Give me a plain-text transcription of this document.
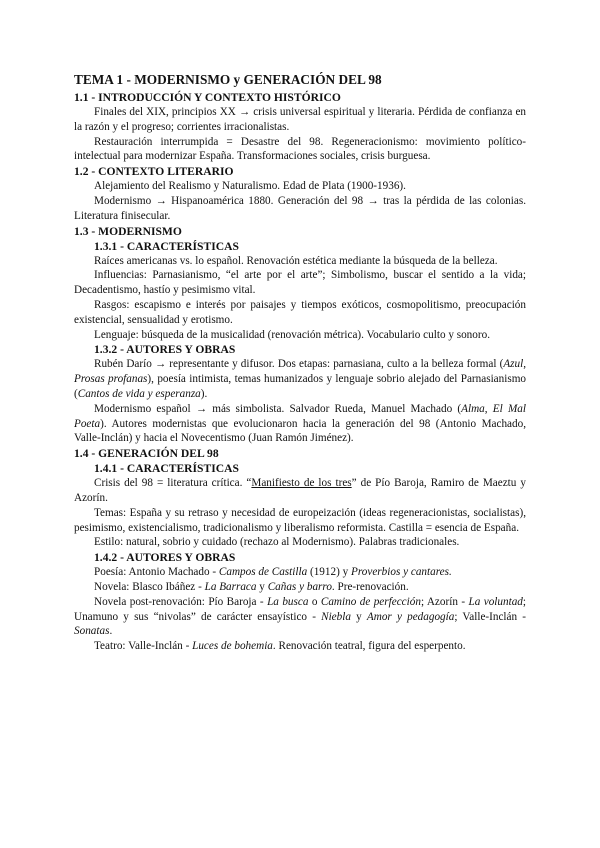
TEMA 1 - MODERNISMO y GENERACIÓN DEL 98
1.1 - INTRODUCCIÓN Y CONTEXTO HISTÓRICO

Finales del XIX, principios XX → crisis universal espiritual y literaria. Pérdida de confianza en la razón y el progreso; corrientes irracionalistas.

Restauración interrumpida = Desastre del 98. Regeneracionismo: movimiento político-intelectual para modernizar España. Transformaciones sociales, crisis burguesa.

1.2 - CONTEXTO LITERARIO

Alejamiento del Realismo y Naturalismo. Edad de Plata (1900-1936).

Modernismo → Hispanoamérica 1880. Generación del 98 → tras la pérdida de las colonias. Literatura finisecular.

1.3 - MODERNISMO
1.3.1 - CARACTERÍSTICAS

Raíces americanas vs. lo español. Renovación estética mediante la búsqueda de la belleza.

Influencias: Parnasianismo, “el arte por el arte”; Simbolismo, buscar el sentido a la vida; Decadentismo, hastío y pesimismo vital.

Rasgos: escapismo e interés por paisajes y tiempos exóticos, cosmopolitismo, preocupación existencial, sensualidad y erotismo.

Lenguaje: búsqueda de la musicalidad (renovación métrica). Vocabulario culto y sonoro.

1.3.2 - AUTORES Y OBRAS

Rubén Darío → representante y difusor. Dos etapas: parnasiana, culto a la belleza formal (Azul, Prosas profanas), poesía intimista, temas humanizados y lenguaje sobrio alejado del Parnasianismo (Cantos de vida y esperanza).

Modernismo español → más simbolista. Salvador Rueda, Manuel Machado (Alma, El Mal Poeta). Autores modernistas que evolucionaron hacia la generación del 98 (Antonio Machado, Valle-Inclán) y hacia el Novecentismo (Juan Ramón Jiménez).

1.4 - GENERACIÓN DEL 98
1.4.1 - CARACTERÍSTICAS

Crisis del 98 = literatura crítica. “Manifiesto de los tres” de Pío Baroja, Ramiro de Maeztu y Azorín.

Temas: España y su retraso y necesidad de europeización (ideas regeneracionistas, socialistas), pesimismo, existencialismo, tradicionalismo y liberalismo reformista. Castilla = esencia de España.

Estilo: natural, sobrio y cuidado (rechazo al Modernismo). Palabras tradicionales.

1.4.2 - AUTORES Y OBRAS

Poesía: Antonio Machado - Campos de Castilla (1912) y Proverbios y cantares.

Novela: Blasco Ibáñez - La Barraca y Cañas y barro. Pre-renovación.

Novela post-renovación: Pío Baroja - La busca o Camino de perfección; Azorín - La voluntad; Unamuno y sus “nivolas” de carácter ensayístico - Niebla y Amor y pedagogía; Valle-Inclán - Sonatas.

Teatro: Valle-Inclán - Luces de bohemia. Renovación teatral, figura del esperpento.
